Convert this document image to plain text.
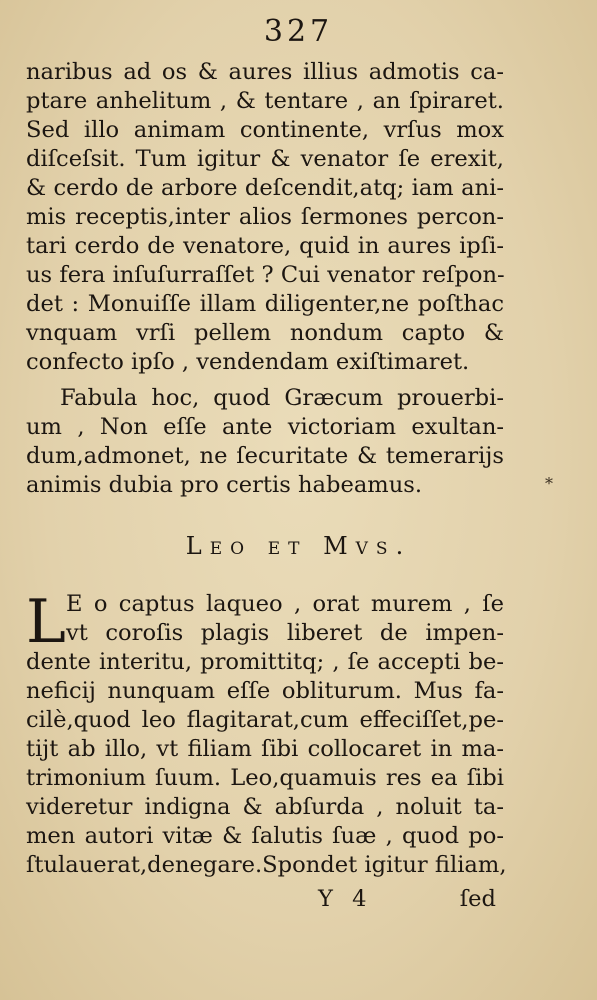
327
naribus ad os & aures illius admotis ca-
ptare anhelitum , & tentare , an ſpiraret.
Sed illo animam continente, vrſus mox
diſceſsit. Tum igitur & venator ſe erexit,
& cerdo de arbore deſcendit,atq; iam ani-
mis receptis,inter alios ſermones percon-
tari cerdo de venatore, quid in aures ipſi-
us fera inſuſurraſſet ? Cui venator reſpon-
det : Monuiſſe illam diligenter,ne poſthac
vnquam vrſi pellem nondum capto &
confecto ipſo , vendendam exiſtimaret.
Fabula hoc, quod Græcum prouerbi-
um , Non eſſe ante victoriam exultan-
dum,admonet, ne ſecuritate & temerarijs
animis dubia pro certis habeamus.	*
Leo et Mvs.
L E o captus laqueo , orat murem , ſe
vt coroſis plagis liberet de impen-
dente interitu, promittitq; , ſe accepti be-
neficij nunquam eſſe obliturum. Mus fa-
cilè,quod leo flagitarat,cum effeciſſet,pe-
tijt ab illo, vt filiam ſibi collocaret in ma-
trimonium ſuum. Leo,quamuis res ea ſibi
videretur indigna & abſurda , noluit ta-
men autori vitæ & ſalutis ſuæ , quod po-
ſtulauerat,denegare.Spondet igitur filiam,
Y 4	ſed
